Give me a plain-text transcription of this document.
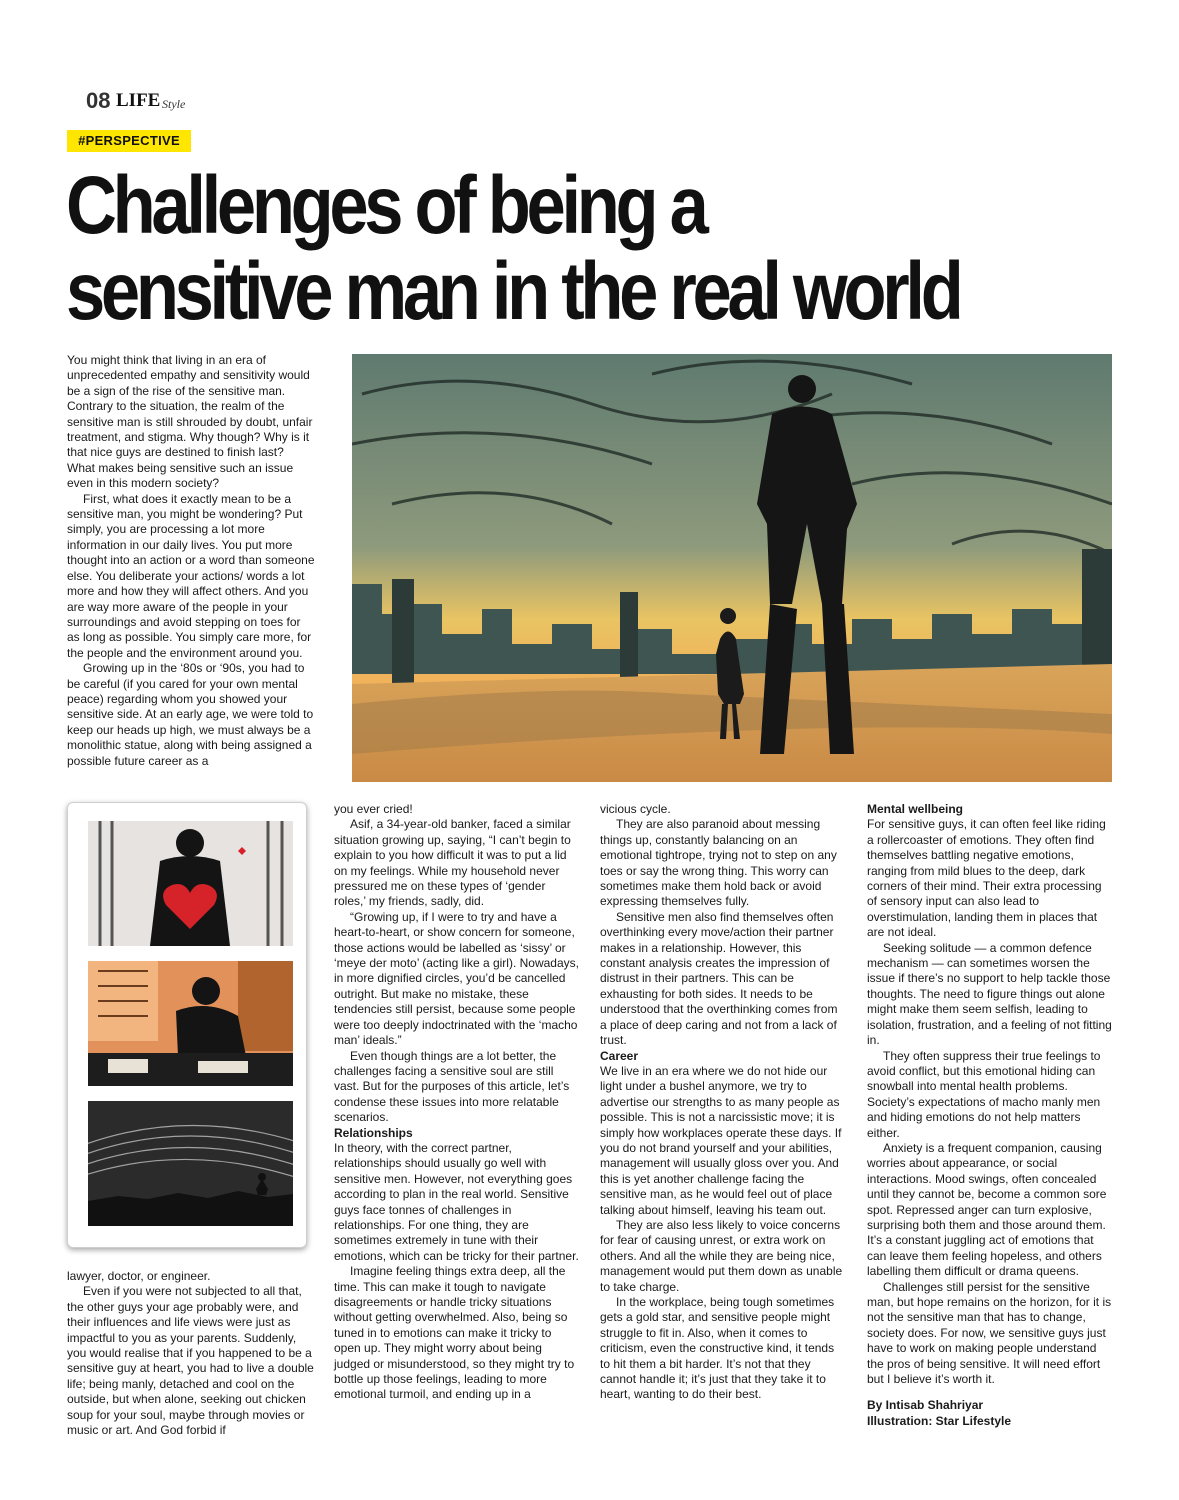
08 LIFE Style
#PERSPECTIVE
Challenges of being a sensitive man in the real world

You might think that living in an era of unprecedented empathy and sensitivity would be a sign of the rise of the sensitive man. Contrary to the situation, the realm of the sensitive man is still shrouded by doubt, unfair treatment, and stigma. Why though? Why is it that nice guys are destined to finish last? What makes being sensitive such an issue even in this modern society?

First, what does it exactly mean to be a sensitive man, you might be wondering? Put simply, you are processing a lot more information in our daily lives. You put more thought into an action or a word than someone else. You deliberate your actions/ words a lot more and how they will affect others. And you are way more aware of the people in your surroundings and avoid stepping on toes for as long as possible. You simply care more, for the people and the environment around you.

Growing up in the ‘80s or ‘90s, you had to be careful (if you cared for your own mental peace) regarding whom you showed your sensitive side. At an early age, we were told to keep our heads up high, we must always be a monolithic statue, along with being assigned a possible future career as a

lawyer, doctor, or engineer.

Even if you were not subjected to all that, the other guys your age probably were, and their influences and life views were just as impactful to you as your parents. Suddenly, you would realise that if you happened to be a sensitive guy at heart, you had to live a double life; being manly, detached and cool on the outside, but when alone, seeking out chicken soup for your soul, maybe through movies or music or art. And God forbid if

you ever cried!

Asif, a 34-year-old banker, faced a similar situation growing up, saying, “I can’t begin to explain to you how difficult it was to put a lid on my feelings. While my household never pressured me on these types of ‘gender roles,’ my friends, sadly, did.

“Growing up, if I were to try and have a heart-to-heart, or show concern for someone, those actions would be labelled as ‘sissy’ or ‘meye der moto’ (acting like a girl). Nowadays, in more dignified circles, you’d be cancelled outright. But make no mistake, these tendencies still persist, because some people were too deeply indoctrinated with the ‘macho man’ ideals.”

Even though things are a lot better, the challenges facing a sensitive soul are still vast. But for the purposes of this article, let’s condense these issues into more relatable scenarios.

Relationships

In theory, with the correct partner, relationships should usually go well with sensitive men. However, not everything goes according to plan in the real world. Sensitive guys face tonnes of challenges in relationships. For one thing, they are sometimes extremely in tune with their emotions, which can be tricky for their partner.

Imagine feeling things extra deep, all the time. This can make it tough to navigate disagreements or handle tricky situations without getting overwhelmed. Also, being so tuned in to emotions can make it tricky to open up. They might worry about being judged or misunderstood, so they might try to bottle up those feelings, leading to more emotional turmoil, and ending up in a

vicious cycle.

They are also paranoid about messing things up, constantly balancing on an emotional tightrope, trying not to step on any toes or say the wrong thing. This worry can sometimes make them hold back or avoid expressing themselves fully.

Sensitive men also find themselves often overthinking every move/action their partner makes in a relationship. However, this constant analysis creates the impression of distrust in their partners. This can be exhausting for both sides. It needs to be understood that the overthinking comes from a place of deep caring and not from a lack of trust.

Career

We live in an era where we do not hide our light under a bushel anymore, we try to advertise our strengths to as many people as possible. This is not a narcissistic move; it is simply how workplaces operate these days. If you do not brand yourself and your abilities, management will usually gloss over you. And this is yet another challenge facing the sensitive man, as he would feel out of place talking about himself, leaving his team out.

They are also less likely to voice concerns for fear of causing unrest, or extra work on others. And all the while they are being nice, management would put them down as unable to take charge.

In the workplace, being tough sometimes gets a gold star, and sensitive people might struggle to fit in. Also, when it comes to criticism, even the constructive kind, it tends to hit them a bit harder. It’s not that they cannot handle it; it’s just that they take it to heart, wanting to do their best.

Mental wellbeing

For sensitive guys, it can often feel like riding a rollercoaster of emotions. They often find themselves battling negative emotions, ranging from mild blues to the deep, dark corners of their mind. Their extra processing of sensory input can also lead to overstimulation, landing them in places that are not ideal.

Seeking solitude — a common defence mechanism — can sometimes worsen the issue if there’s no support to help tackle those thoughts. The need to figure things out alone might make them seem selfish, leading to isolation, frustration, and a feeling of not fitting in.

They often suppress their true feelings to avoid conflict, but this emotional hiding can snowball into mental health problems. Society’s expectations of macho manly men and hiding emotions do not help matters either.

Anxiety is a frequent companion, causing worries about appearance, or social interactions. Mood swings, often concealed until they cannot be, become a common sore spot. Repressed anger can turn explosive, surprising both them and those around them. It’s a constant juggling act of emotions that can leave them feeling hopeless, and others labelling them difficult or drama queens.

Challenges still persist for the sensitive man, but hope remains on the horizon, for it is not the sensitive man that has to change, society does. For now, we sensitive guys just have to work on making people understand the pros of being sensitive. It will need effort but I believe it’s worth it.

By Intisab Shahriyar
Illustration: Star Lifestyle
